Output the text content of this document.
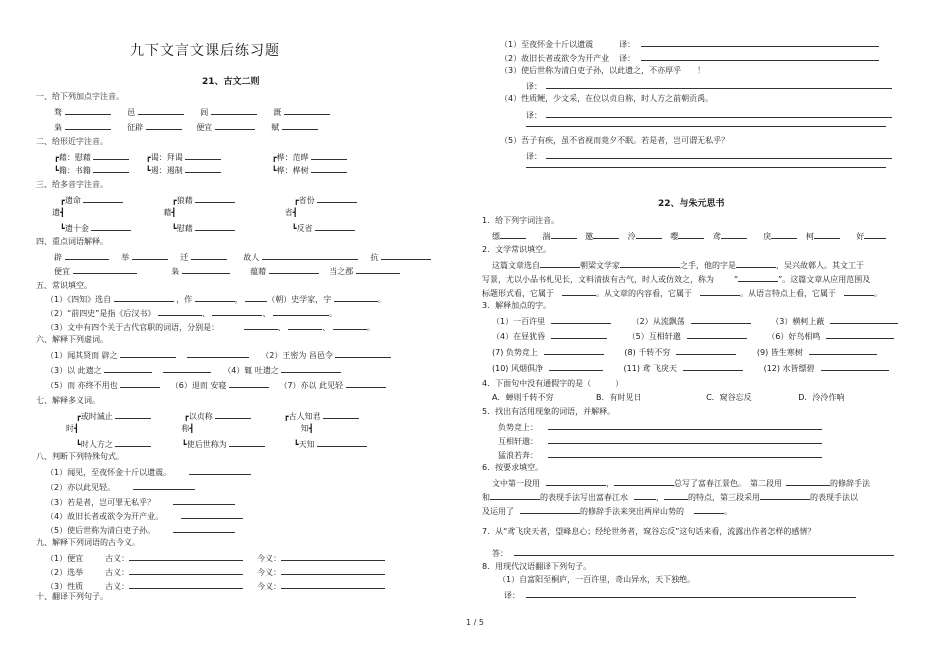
九下文言文课后练习题
21、古文二则
一、给下列加点字注音。
骛	邑	闾	溉
枭	征辟	便宜	赋
二、给形近字注音。
┏藉：慰藉	┏谒：拜谒	┏桦：范晔
┗籍：书籍	┗遏：遏制	┗桦：桦树
三、给多音字注音。
┏遗命	┏狼藉	┏省份
遗┫	藉┫	省┫
┗遗十金	┗慰藉	┗反省
四、重点词语解释。
辟	举	迁	故人	抗
便宜	枭	蕴藉	当之郡
五、常识填空。
（1）《四知》选自	，作	，	（朝）史学家，字	。
（2）“前四史”是指《后汉书》	、	、	。
（3）文中有四个关于古代官职的词语，分别是：	、	、	。
六、解释下列虚词。
（1）闻其贤而 辟之	（2）王密为 昌邑令
（3）以 此遗之	（4）辄 吐遗之
（5）而 亦终不用也	（6）退而 安寝	（7）亦以 此见轻
七、解释多义词。
┏或时滅止	┏以贞称	┏古人知君
时┫	称┫	知┫
┗时人方之	┗使后世称为	┗天知
八、判断下列特殊句式。
（1）闻见，至夜怀金十斤以遗震。
（2）亦以此见轻。
（3）若是者，岂可罪无私乎？
（4）故旧长者或欲令为开产业。
（5）使后世称为清白吏子孙。
九、解释下列词语的古今义。
（1）便宜	古义：	今义：
（2）选举	古义：	今义：
（3）性质	古义：	今义：
十、翻译下列句子。
（1）至夜怀金十斤以遗震	译：
（2）故旧长者或欲令为开产业 译：
（3）使后世称为清白吏子孙，以此遗之，不亦厚乎 ！
译：
（4）性质鲠，少文采，在位以贞自称，时人方之前朝贡禹。
译：
（5）吾子有疾，虽不省视而竟夕不眠。若是者，岂可谓无私乎？
译：
22、与朱元思书
1．给下列字词注音。
缥	湍	邀	泠	嘤	鸢	戾	柯	好
2．文学常识填空。
这篇文章选自	朝梁文学家	之手，他的字是	，吴兴故鄣人。其文工于
写景，尤以小品书札见长，文料清拔有古气，时人或仿效之，称为	“	”。这篇文章从应用范围及
标题形式看，它属于	。从文章的内容看，它属于	。从语言特点上看，它属于	。
3．解释加点的字。
（1）一百许里	（2）从流飘荡	（3）横柯上蔽
（4）在昼犹昏	（5）互相轩邈	（6）好鸟相鸣
(7) 负势竞上	(8) 千转不穷	(9) 皆生寒树
(10) 风烟俱净	(11) 鸢 飞戾天	(12) 水皆缥碧
4．下面句中没有通假字的是（　　　）
A．蝉则千转不穷	B．有时见日	C．窥谷忘反	D．泠泠作响
5．找出有活用现象的词语，并解释。
负势竞上：
互相轩邈：
猛浪若奔：
6．按要求填空。
文中第一段用	，	总写了富春江景色。　第二段用	的修辞手法
和	的表现手法写出富春江水	，	的特点，第三段采用	的表现手法以
及运用了	的修辞手法来突出两岸山势的	。
7．从“鸢飞戾天者，望峰息心；经纶世务者，窥谷忘反”这句话来看，流露出作者怎样的感情？
答：
8．用现代汉语翻译下列句子。
（1）自富阳至桐庐，一百许里，奇山异水，天下独绝。
译：
1 / 5
